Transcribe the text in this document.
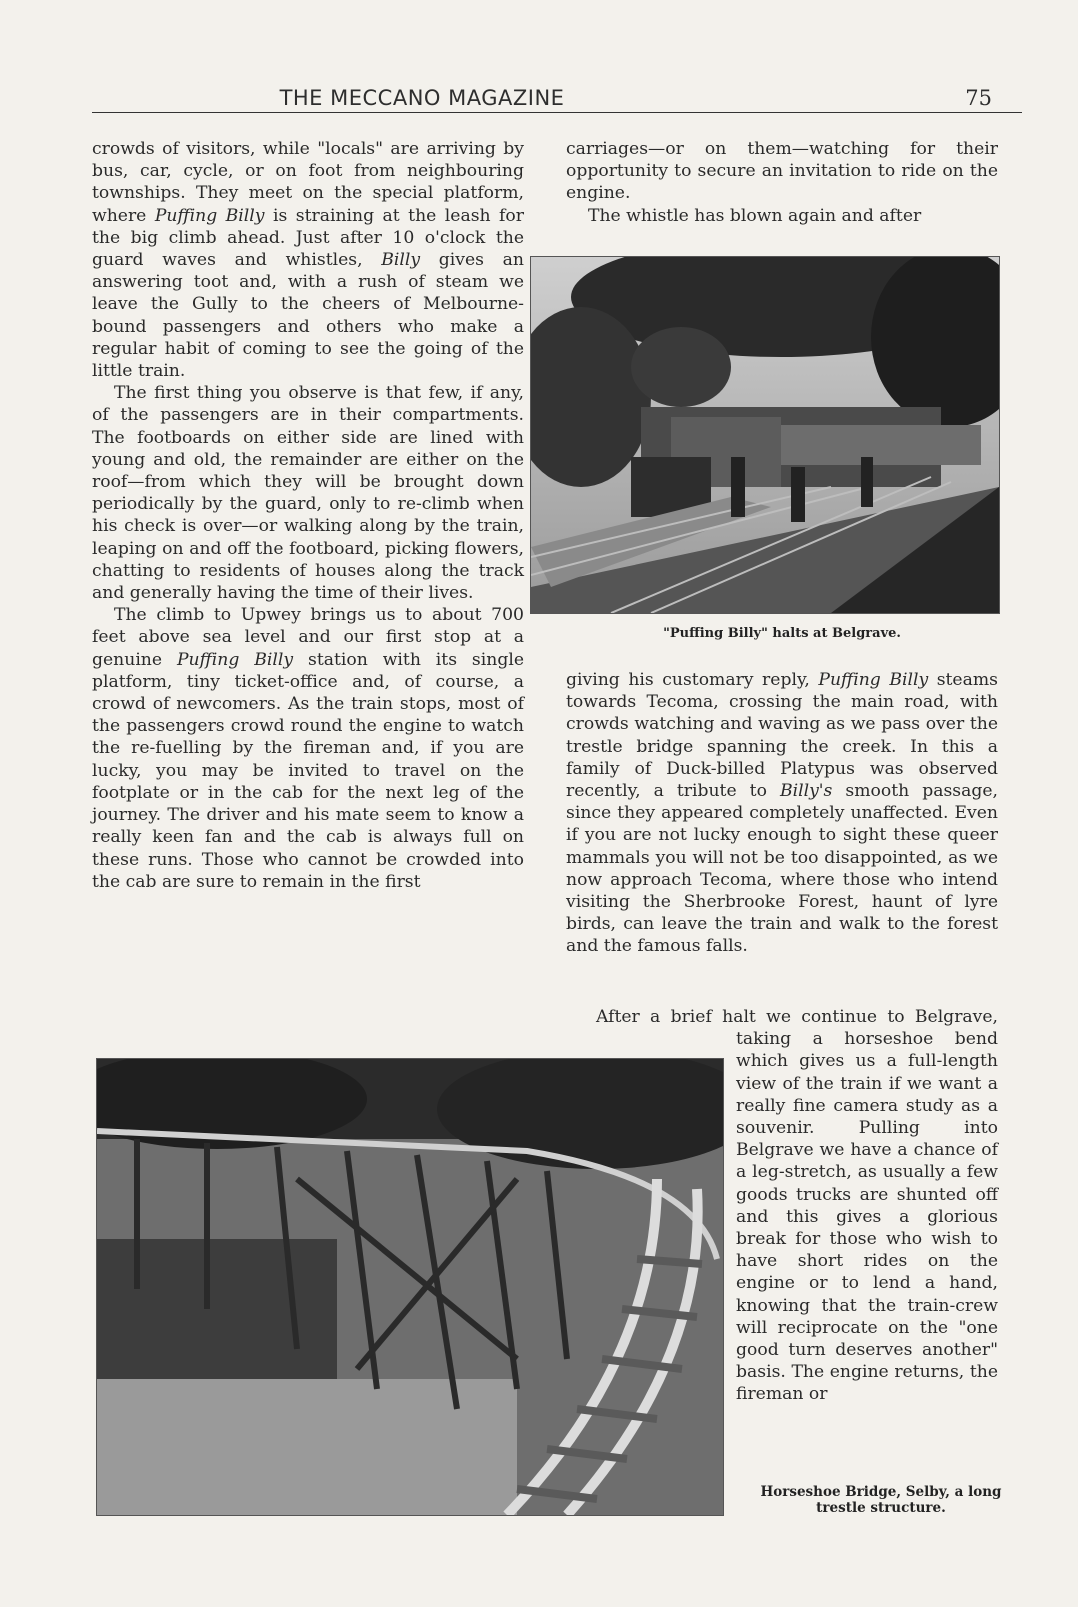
THE MECCANO MAGAZINE	75

crowds of visitors, while "locals" are arriving by bus, car, cycle, or on foot from neighbouring townships. They meet on the special platform, where Puffing Billy is straining at the leash for the big climb ahead. Just after 10 o'clock the guard waves and whistles, Billy gives an answering toot and, with a rush of steam we leave the Gully to the cheers of Melbourne-bound passengers and others who make a regular habit of coming to see the going of the little train.

The first thing you observe is that few, if any, of the passengers are in their compartments. The footboards on either side are lined with young and old, the remainder are either on the roof—from which they will be brought down periodically by the guard, only to re-climb when his check is over—or walking along by the train, leaping on and off the footboard, picking flowers, chatting to residents of houses along the track and generally having the time of their lives.

The climb to Upwey brings us to about 700 feet above sea level and our first stop at a genuine Puffing Billy station with its single platform, tiny ticket-office and, of course, a crowd of newcomers. As the train stops, most of the passengers crowd round the engine to watch the re-fuelling by the fireman and, if you are lucky, you may be invited to travel on the footplate or in the cab for the next leg of the journey. The driver and his mate seem to know a really keen fan and the cab is always full on these runs. Those who cannot be crowded into the cab are sure to remain in the first

carriages—or on them—watching for their opportunity to secure an invitation to ride on the engine.

The whistle has blown again and after

"Puffing Billy" halts at Belgrave.

giving his customary reply, Puffing Billy steams towards Tecoma, crossing the main road, with crowds watching and waving as we pass over the trestle bridge spanning the creek. In this a family of Duck-billed Platypus was observed recently, a tribute to Billy's smooth passage, since they appeared completely unaffected. Even if you are not lucky enough to sight these queer mammals you will not be too disappointed, as we now approach Tecoma, where those who intend visiting the Sherbrooke Forest, haunt of lyre birds, can leave the train and walk to the forest and the famous falls.

After a brief halt we continue to Belgrave, taking a horseshoe bend which gives us a full-length view of the train if we want a really fine camera study as a souvenir. Pulling into Belgrave we have a chance of a leg-stretch, as usually a few goods trucks are shunted off and this gives a glorious break for those who wish to have short rides on the engine or to lend a hand, knowing that the train-crew will reciprocate on the "one good turn deserves another" basis. The engine returns, the fireman or

Horseshoe Bridge, Selby, a long trestle structure.
